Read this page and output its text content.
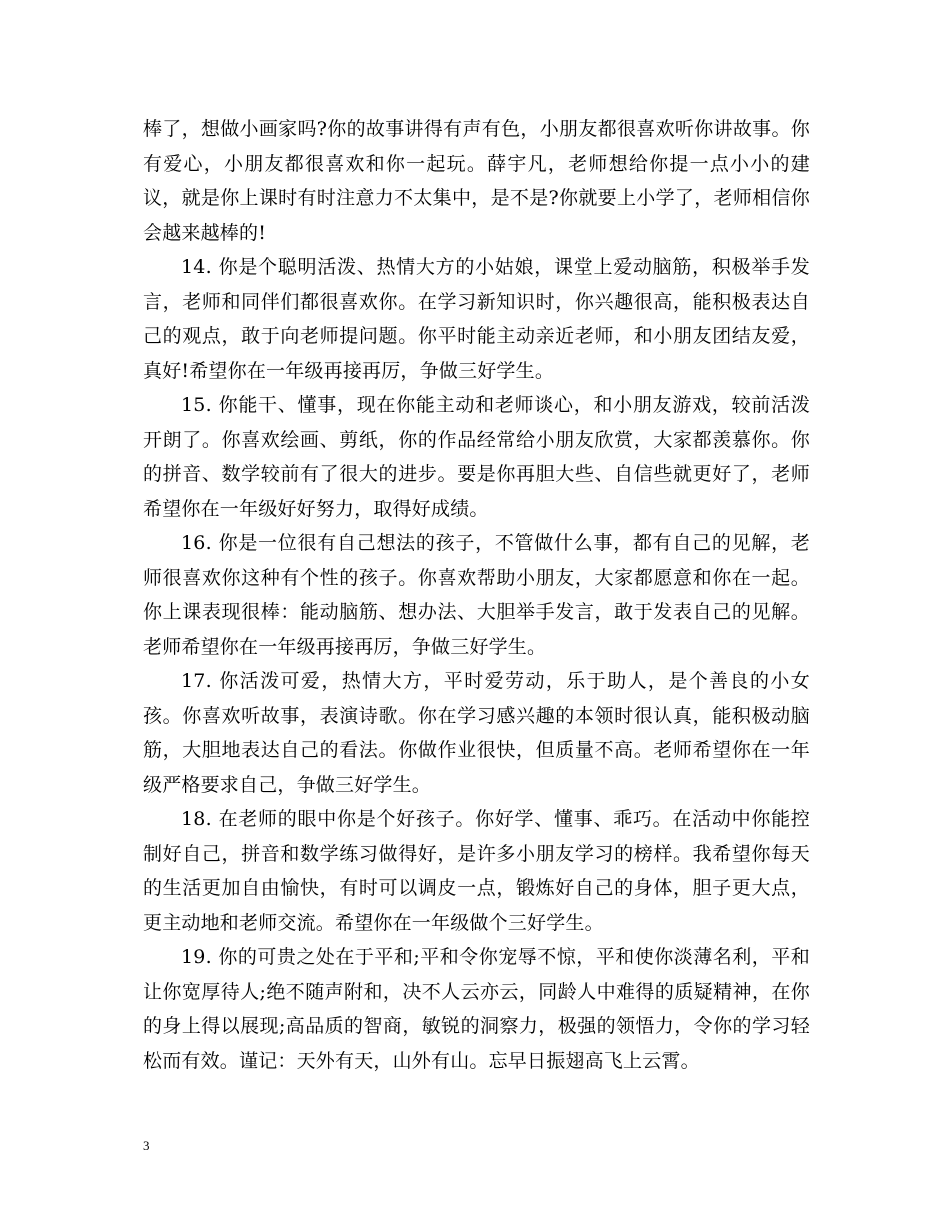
棒了，想做小画家吗?你的故事讲得有声有色，小朋友都很喜欢听你讲故事。你有爱心，小朋友都很喜欢和你一起玩。薛宇凡，老师想给你提一点小小的建议，就是你上课时有时注意力不太集中，是不是?你就要上小学了，老师相信你会越来越棒的!

14. 你是个聪明活泼、热情大方的小姑娘，课堂上爱动脑筋，积极举手发言，老师和同伴们都很喜欢你。在学习新知识时，你兴趣很高，能积极表达自己的观点，敢于向老师提问题。你平时能主动亲近老师，和小朋友团结友爱，真好!希望你在一年级再接再厉，争做三好学生。

15. 你能干、懂事，现在你能主动和老师谈心，和小朋友游戏，较前活泼开朗了。你喜欢绘画、剪纸，你的作品经常给小朋友欣赏，大家都羡慕你。你的拼音、数学较前有了很大的进步。要是你再胆大些、自信些就更好了，老师希望你在一年级好好努力，取得好成绩。

16. 你是一位很有自己想法的孩子，不管做什么事，都有自己的见解，老师很喜欢你这种有个性的孩子。你喜欢帮助小朋友，大家都愿意和你在一起。你上课表现很棒：能动脑筋、想办法、大胆举手发言，敢于发表自己的见解。老师希望你在一年级再接再厉，争做三好学生。

17. 你活泼可爱，热情大方，平时爱劳动，乐于助人，是个善良的小女孩。你喜欢听故事，表演诗歌。你在学习感兴趣的本领时很认真，能积极动脑筋，大胆地表达自己的看法。你做作业很快，但质量不高。老师希望你在一年级严格要求自己，争做三好学生。

18. 在老师的眼中你是个好孩子。你好学、懂事、乖巧。在活动中你能控制好自己，拼音和数学练习做得好，是许多小朋友学习的榜样。我希望你每天的生活更加自由愉快，有时可以调皮一点，锻炼好自己的身体，胆子更大点，更主动地和老师交流。希望你在一年级做个三好学生。

19. 你的可贵之处在于平和;平和令你宠辱不惊，平和使你淡薄名利，平和让你宽厚待人;绝不随声附和，决不人云亦云，同龄人中难得的质疑精神，在你的身上得以展现;高品质的智商，敏锐的洞察力，极强的领悟力，令你的学习轻松而有效。谨记：天外有天，山外有山。忘早日振翅高飞上云霄。

3
